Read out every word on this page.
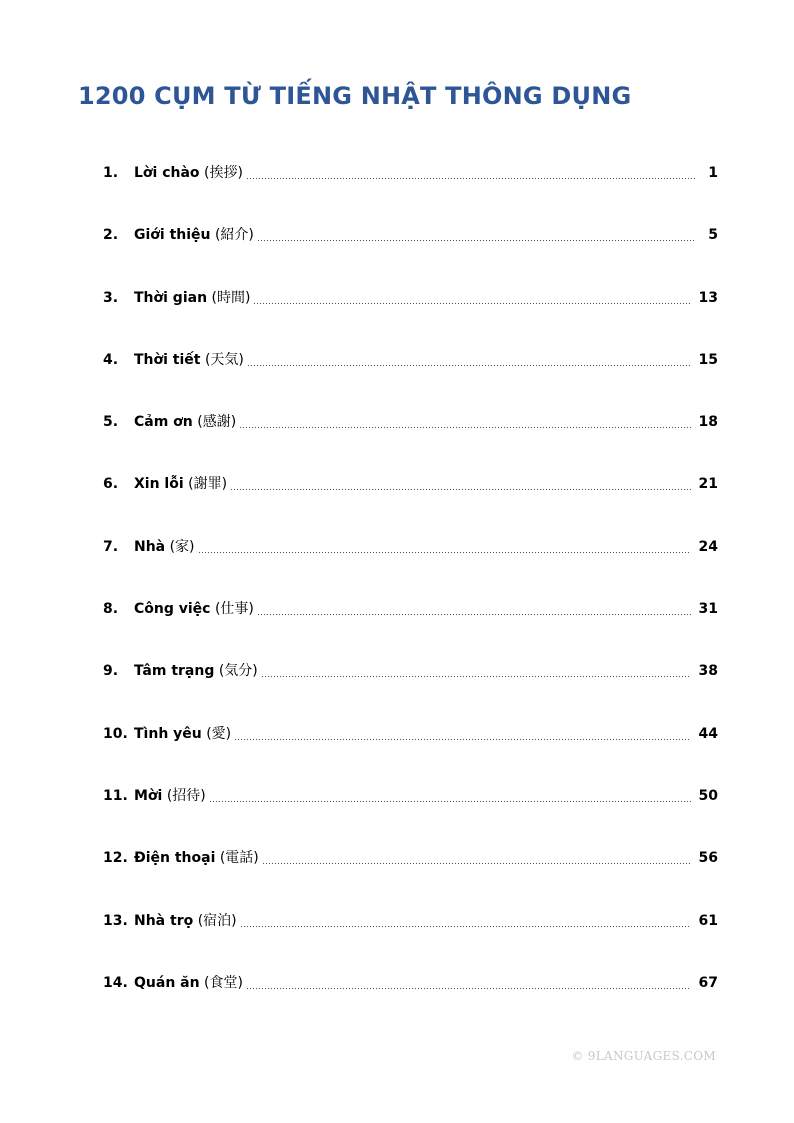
1200 CỤM TỪ TIẾNG NHẬT THÔNG DỤNG
1.	Lời chào (挨拶)	1
2.	Giới thiệu (紹介)	5
3.	Thời gian (時間)	13
4.	Thời tiết (天気)	15
5.	Cảm ơn (感謝)	18
6.	Xin lỗi (謝罪)	21
7.	Nhà (家)	24
8.	Công việc (仕事)	31
9.	Tâm trạng (気分)	38
10. Tình yêu (愛)	44
11. Mời (招待)	50
12. Điện thoại (電話)	56
13. Nhà trọ (宿泊)	61
14. Quán ăn (食堂)	67
© 9LANGUAGES.COM
